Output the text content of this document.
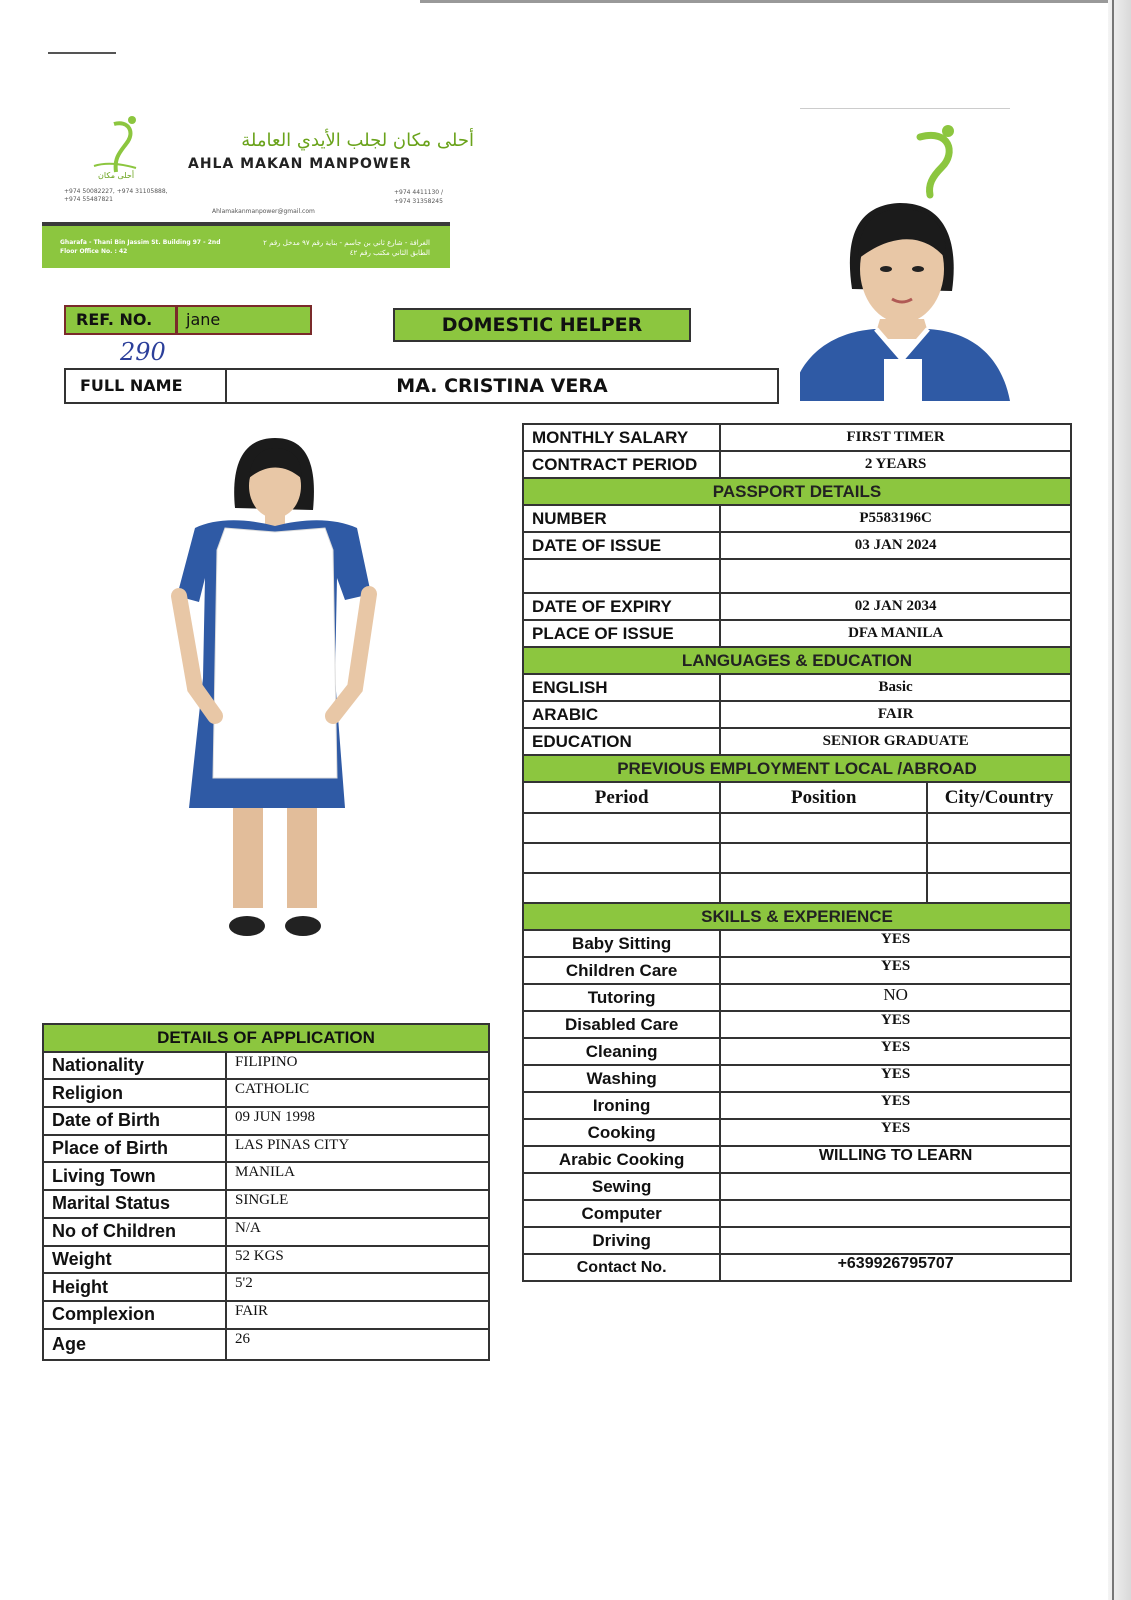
أحلى مكان
أحلى مكان لجلب الأيدي العاملة
AHLA MAKAN MANPOWER
+974 50082227, +974 31105888, +974 55487821
+974 4411130 / +974 31358245
Ahlamakanmanpower@gmail.com
Gharafa - Thani Bin Jassim St. Building 97 - 2nd Floor Office No. : 42
الغرافة - شارع ثاني بن جاسم - بناية رقم ٩٧ مدخل رقم ٢ الطابق الثاني مكتب رقم ٤٢
REF. NO.	jane
290
DOMESTIC HELPER
FULL NAME	MA. CRISTINA VERA
MONTHLY SALARY	FIRST TIMER	
CONTRACT PERIOD	2 YEARS	
PASSPORT DETAILS		
NUMBER	P5583196C	
DATE OF ISSUE	03 JAN 2024	

DATE OF EXPIRY	02 JAN 2034	
PLACE OF ISSUE	DFA MANILA	
LANGUAGES & EDUCATION		
ENGLISH	Basic	
ARABIC	FAIR	
EDUCATION	SENIOR GRADUATE	
PREVIOUS EMPLOYMENT LOCAL /ABROAD		
Period	Position	City/Country

SKILLS & EXPERIENCE		
Baby Sitting	YES	
Children Care	YES	
Tutoring	NO	
Disabled Care	YES	
Cleaning	YES	
Washing	YES	
Ironing	YES	
Cooking	YES	
Arabic Cooking	WILLING TO LEARN	
Sewing		
Computer		
Driving		
Contact No.	+639926795707	
DETAILS OF APPLICATION	
Nationality	FILIPINO
Religion	CATHOLIC
Date of Birth	09 JUN 1998
Place of Birth	LAS PINAS CITY
Living Town	MANILA
Marital Status	SINGLE
No of Children	N/A
Weight	52 KGS
Height	5'2
Complexion	FAIR
Age	26
